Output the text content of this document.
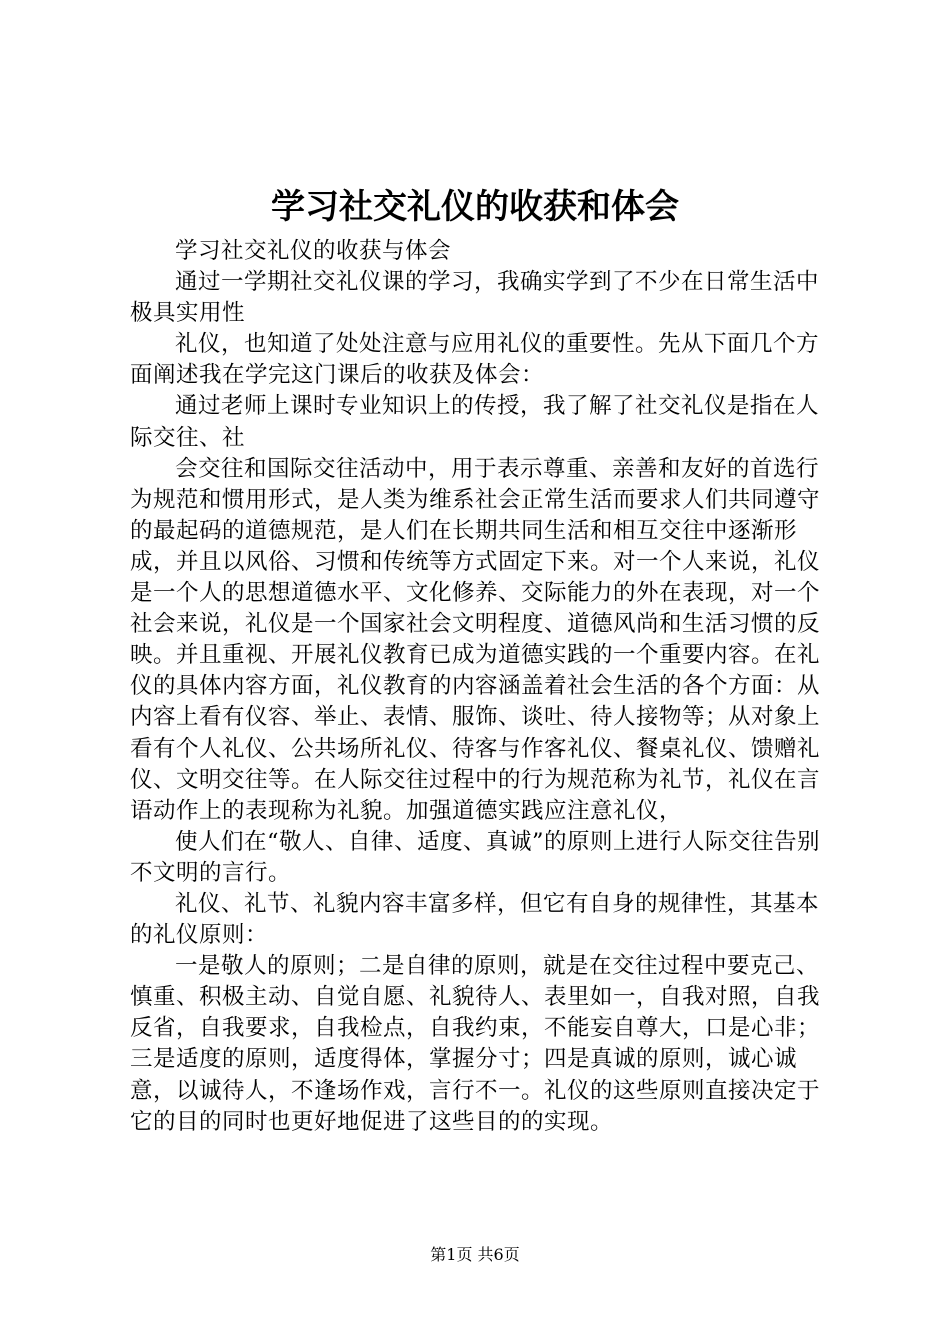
学习社交礼仪的收获和体会

学习社交礼仪的收获与体会

通过一学期社交礼仪课的学习，我确实学到了不少在日常生活中极具实用性

礼仪，也知道了处处注意与应用礼仪的重要性。先从下面几个方面阐述我在学完这门课后的收获及体会：

通过老师上课时专业知识上的传授，我了解了社交礼仪是指在人际交往、社

会交往和国际交往活动中，用于表示尊重、亲善和友好的首选行为规范和惯用形式，是人类为维系社会正常生活而要求人们共同遵守的最起码的道德规范，是人们在长期共同生活和相互交往中逐渐形成，并且以风俗、习惯和传统等方式固定下来。对一个人来说，礼仪是一个人的思想道德水平、文化修养、交际能力的外在表现，对一个社会来说，礼仪是一个国家社会文明程度、道德风尚和生活习惯的反映。并且重视、开展礼仪教育已成为道德实践的一个重要内容。在礼仪的具体内容方面，礼仪教育的内容涵盖着社会生活的各个方面：从内容上看有仪容、举止、表情、服饰、谈吐、待人接物等；从对象上看有个人礼仪、公共场所礼仪、待客与作客礼仪、餐桌礼仪、馈赠礼仪、文明交往等。在人际交往过程中的行为规范称为礼节，礼仪在言语动作上的表现称为礼貌。加强道德实践应注意礼仪，

使人们在“敬人、自律、适度、真诚”的原则上进行人际交往告别不文明的言行。

礼仪、礼节、礼貌内容丰富多样，但它有自身的规律性，其基本的礼仪原则：

一是敬人的原则；二是自律的原则，就是在交往过程中要克己、慎重、积极主动、自觉自愿、礼貌待人、表里如一，自我对照，自我反省，自我要求，自我检点，自我约束，不能妄自尊大，口是心非；三是适度的原则，适度得体，掌握分寸；四是真诚的原则，诚心诚意，以诚待人，不逢场作戏，言行不一。礼仪的这些原则直接决定于它的目的同时也更好地促进了这些目的的实现。

第1页 共6页
